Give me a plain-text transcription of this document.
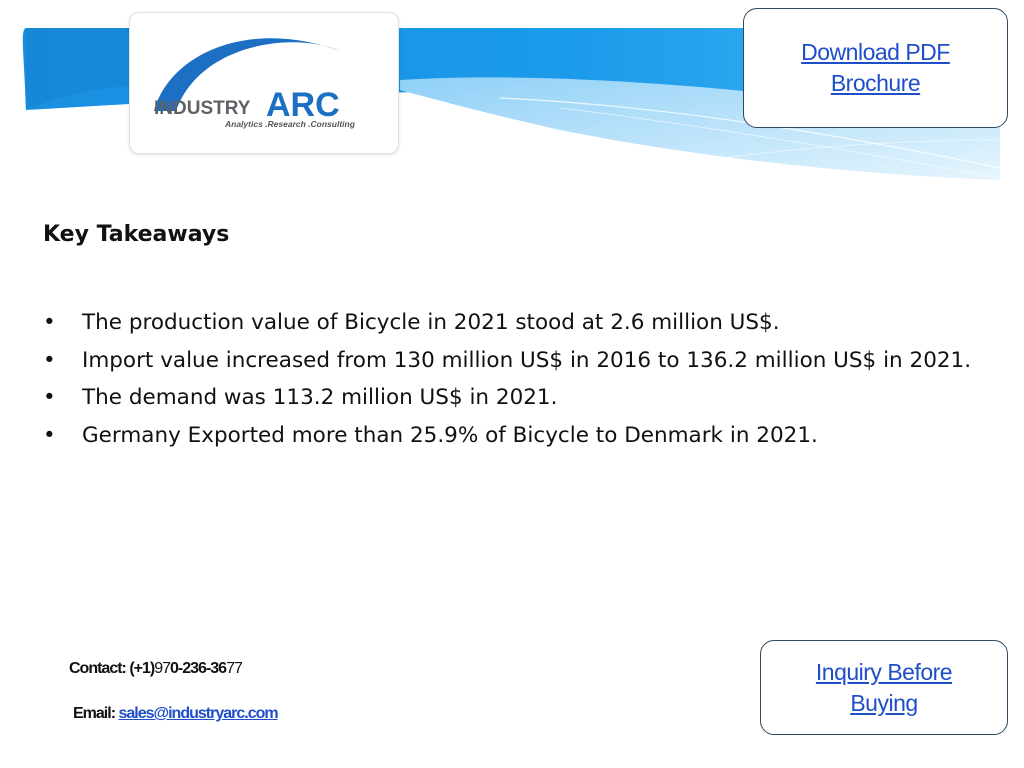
INDUSTRY ARC
Analytics .Research .Consulting
Download PDF
Brochure
Key Takeaways
• The production value of Bicycle in 2021 stood at 2.6 million US$.
• Import value increased from 130 million US$ in 2016 to 136.2 million US$ in 2021.
• The demand was 113.2 million US$ in 2021.
• Germany Exported more than 25.9% of Bicycle to Denmark in 2021.
Contact: (+1)970-236-3677
Email: sales@industryarc.com
Inquiry Before
Buying
